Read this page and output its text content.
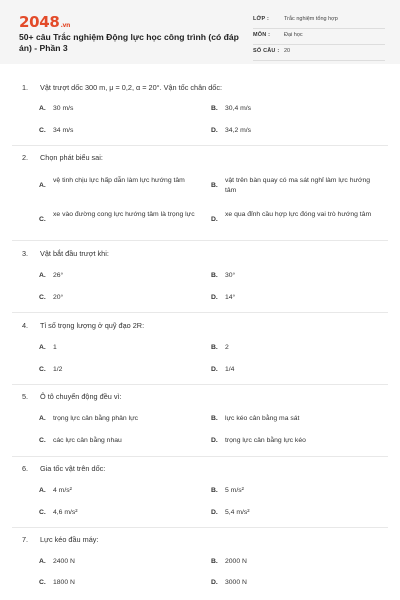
2048.vn
50+ câu Trắc nghiệm Động lực học công trình (có đáp án) - Phần 3
LỚP :	Trắc nghiệm tổng hợp
MÔN :	Đại học
SỐ CÂU : 20
1. Vật trượt dốc 300 m, μ = 0,2, α = 20°. Vận tốc chân dốc:
A. 30 m/s	B. 30,4 m/s
C. 34 m/s	D. 34,2 m/s
2. Chọn phát biểu sai:
A.
vệ tinh chịu lực hấp dẫn làm lực hướng tâm
B.
vật trên bàn quay có ma sát nghỉ làm lực hướng tâm
C.
xe vào đường cong lực hướng tâm là trọng lực
D.
xe qua đỉnh cầu hợp lực đóng vai trò hướng tâm
3. Vật bắt đầu trượt khi:
A. 26°	B. 30°
C. 20°	D. 14°
4. Tỉ số trọng lượng ở quỹ đạo 2R:
A. 1	B. 2
C. 1/2	D. 1/4
5. Ô tô chuyển động đều vì:
A. trọng lực cân bằng phản lực	B. lực kéo cân bằng ma sát
C. các lực cân bằng nhau	D. trọng lực cân bằng lực kéo
6. Gia tốc vật trên dốc:
A. 4 m/s²	B. 5 m/s²
C. 4,6 m/s²	D. 5,4 m/s²
7. Lực kéo đầu máy:
A. 2400 N	B. 2000 N
C. 1800 N	D. 3000 N
